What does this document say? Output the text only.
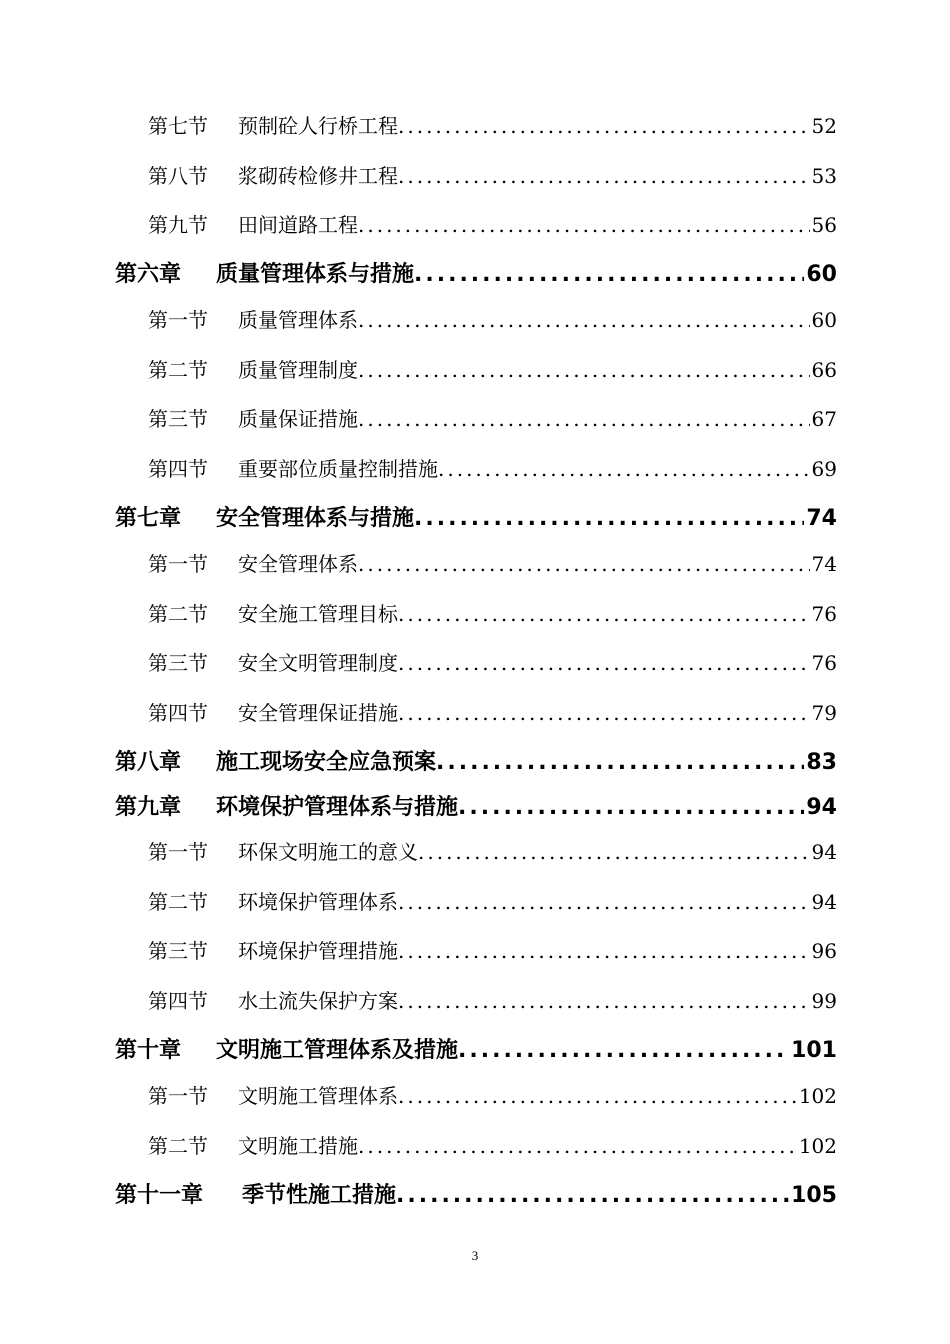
第七节	预制砼人行桥工程 .....	52
第八节	浆砌砖检修井工程 .....	53
第九节	田间道路工程 .....	56
第六章	质量管理体系与措施 .....	60
第一节	质量管理体系 .....	60
第二节	质量管理制度 .....	66
第三节	质量保证措施 .....	67
第四节	重要部位质量控制措施 .....	69
第七章	安全管理体系与措施 .....	74
第一节	安全管理体系 .....	74
第二节	安全施工管理目标 .....	76
第三节	安全文明管理制度 .....	76
第四节	安全管理保证措施 .....	79
第八章	施工现场安全应急预案 .....	83
第九章	环境保护管理体系与措施 .....	94
第一节	环保文明施工的意义 .....	94
第二节	环境保护管理体系 .....	94
第三节	环境保护管理措施 .....	96
第四节	水土流失保护方案 .....	99
第十章	文明施工管理体系及措施 .....	101
第一节	文明施工管理体系 .....	102
第二节	文明施工措施 .....	102
第十一章	季节性施工措施 .....	105
3
